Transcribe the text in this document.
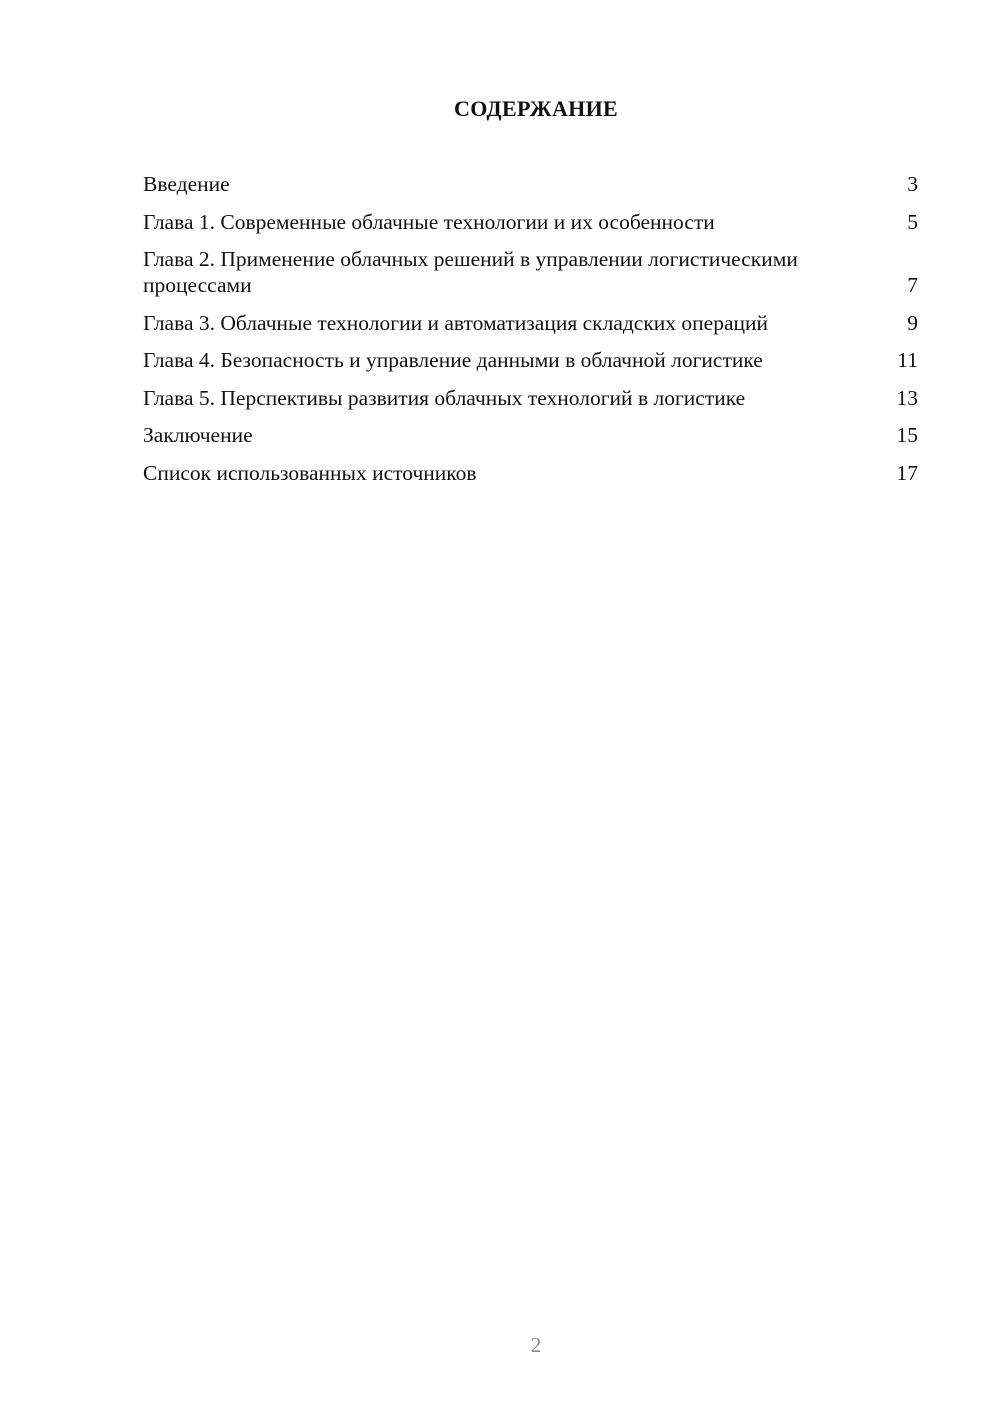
СОДЕРЖАНИЕ
Введение	3
Глава 1. Современные облачные технологии и их особенности	5
Глава 2. Применение облачных решений в управлении логистическими процессами	7
Глава 3. Облачные технологии и автоматизация складских операций	9
Глава 4. Безопасность и управление данными в облачной логистике	11
Глава 5. Перспективы развития облачных технологий в логистике	13
Заключение	15
Список использованных источников	17
2
